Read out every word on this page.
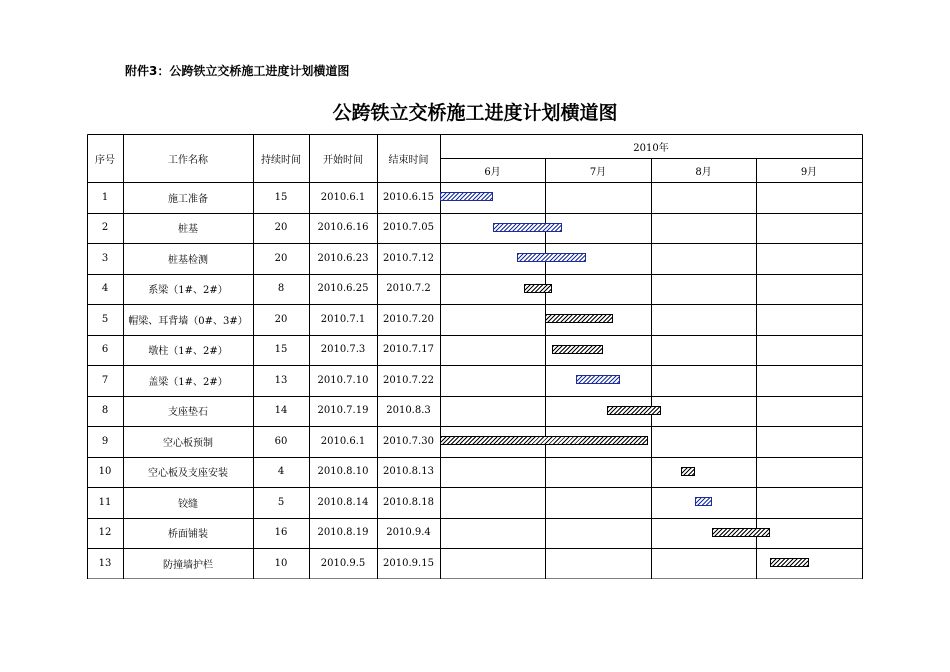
附件3：公跨铁立交桥施工进度计划横道图
公跨铁立交桥施工进度计划横道图
序号	工作名称	持续时间	开始时间	结束时间
2010年
6月	7月	8月	9月
1	施工准备	15	2010.6.1	2010.6.15
2	桩基	20	2010.6.16	2010.7.05
3	桩基检测	20	2010.6.23	2010.7.12
4	系梁（1#、2#）	8	2010.6.25	2010.7.2
5	帽梁、耳背墙（0#、3#）	20	2010.7.1	2010.7.20
6	墩柱（1#、2#）	15	2010.7.3	2010.7.17
7	盖梁（1#、2#）	13	2010.7.10	2010.7.22
8	支座垫石	14	2010.7.19	2010.8.3
9	空心板预制	60	2010.6.1	2010.7.30
10	空心板及支座安装	4	2010.8.10	2010.8.13
11	铰缝	5	2010.8.14	2010.8.18
12	桥面铺装	16	2010.8.19	2010.9.4
13	防撞墙护栏	10	2010.9.5	2010.9.15
